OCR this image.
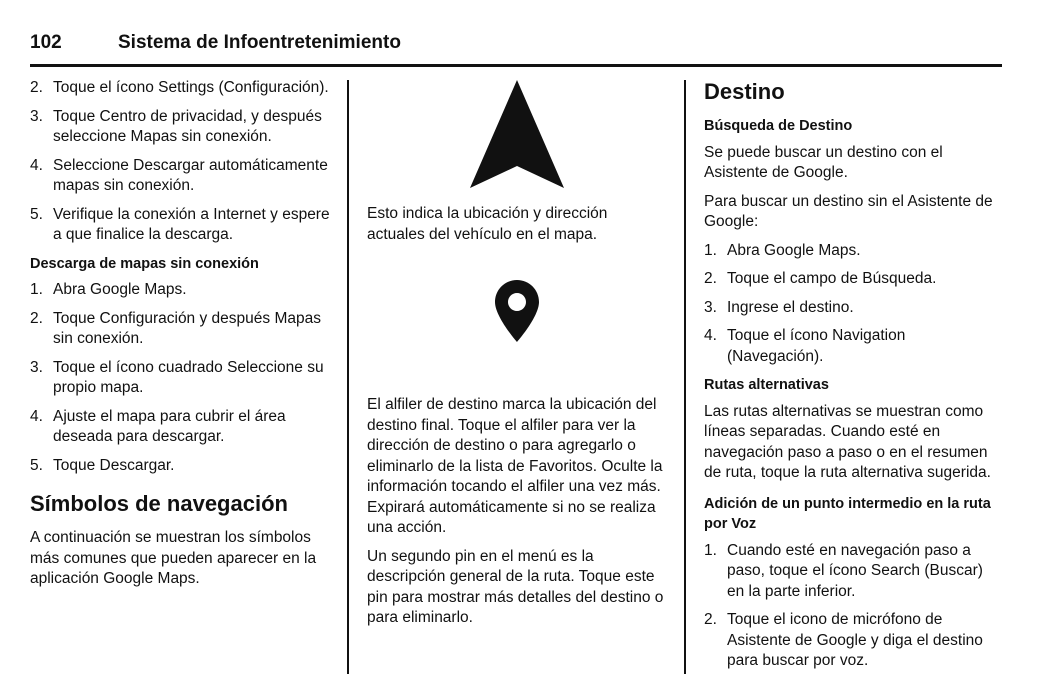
102	Sistema de Infoentretenimiento
2. Toque el ícono Settings (Configuración).
3. Toque Centro de privacidad, y después seleccione Mapas sin conexión.
4. Seleccione Descargar automáticamente mapas sin conexión.
5. Verifique la conexión a Internet y espere a que finalice la descarga.
Descarga de mapas sin conexión
1. Abra Google Maps.
2. Toque Configuración y después Mapas sin conexión.
3. Toque el ícono cuadrado Seleccione su propio mapa.
4. Ajuste el mapa para cubrir el área deseada para descargar.
5. Toque Descargar.
Símbolos de navegación

A continuación se muestran los símbolos más comunes que pueden aparecer en la aplicación Google Maps.

Esto indica la ubicación y dirección actuales del vehículo en el mapa.

El alfiler de destino marca la ubicación del destino final. Toque el alfiler para ver la dirección de destino o para agregarlo o eliminarlo de la lista de Favoritos. Oculte la información tocando el alfiler una vez más. Expirará automáticamente si no se realiza una acción.

Un segundo pin en el menú es la descripción general de la ruta. Toque este pin para mostrar más detalles del destino o para eliminarlo.

Destino
Búsqueda de Destino

Se puede buscar un destino con el Asistente de Google.

Para buscar un destino sin el Asistente de Google:

1. Abra Google Maps.
2. Toque el campo de Búsqueda.
3. Ingrese el destino.
4. Toque el ícono Navigation (Navegación).
Rutas alternativas

Las rutas alternativas se muestran como líneas separadas. Cuando esté en navegación paso a paso o en el resumen de ruta, toque la ruta alternativa sugerida.

Adición de un punto intermedio en la ruta por Voz
1. Cuando esté en navegación paso a paso, toque el ícono Search (Buscar) en la parte inferior.
2. Toque el icono de micrófono de Asistente de Google y diga el destino para buscar por voz.
